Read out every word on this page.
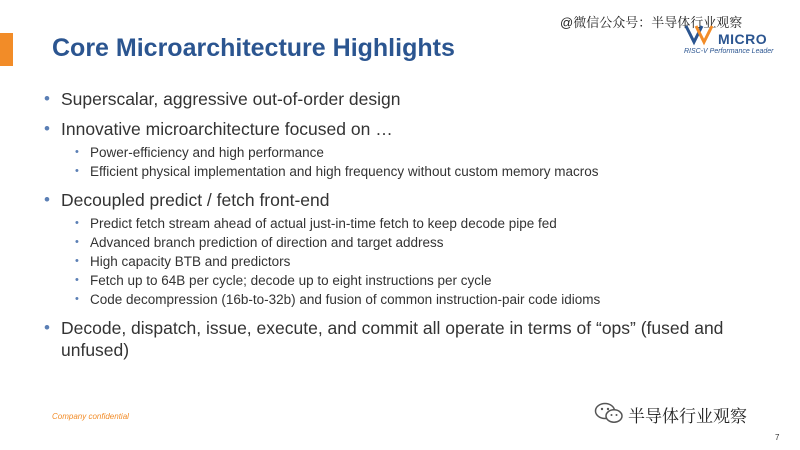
Core Microarchitecture Highlights
@微信公众号：半导体行业观察
MICRO
RISC-V Performance Leader
• Superscalar, aggressive out-of-order design
• Innovative microarchitecture focused on …
• Power-efficiency and high performance
• Efficient physical implementation and high frequency without custom memory macros
• Decoupled predict / fetch front-end
• Predict fetch stream ahead of actual just-in-time fetch to keep decode pipe fed
• Advanced branch prediction of direction and target address
• High capacity BTB and predictors
• Fetch up to 64B per cycle; decode up to eight instructions per cycle
• Code decompression (16b-to-32b) and fusion of common instruction-pair code idioms
• Decode, dispatch, issue, execute, and commit all operate in terms of “ops” (fused and unfused)
Company confidential	半导体行业观察
7
